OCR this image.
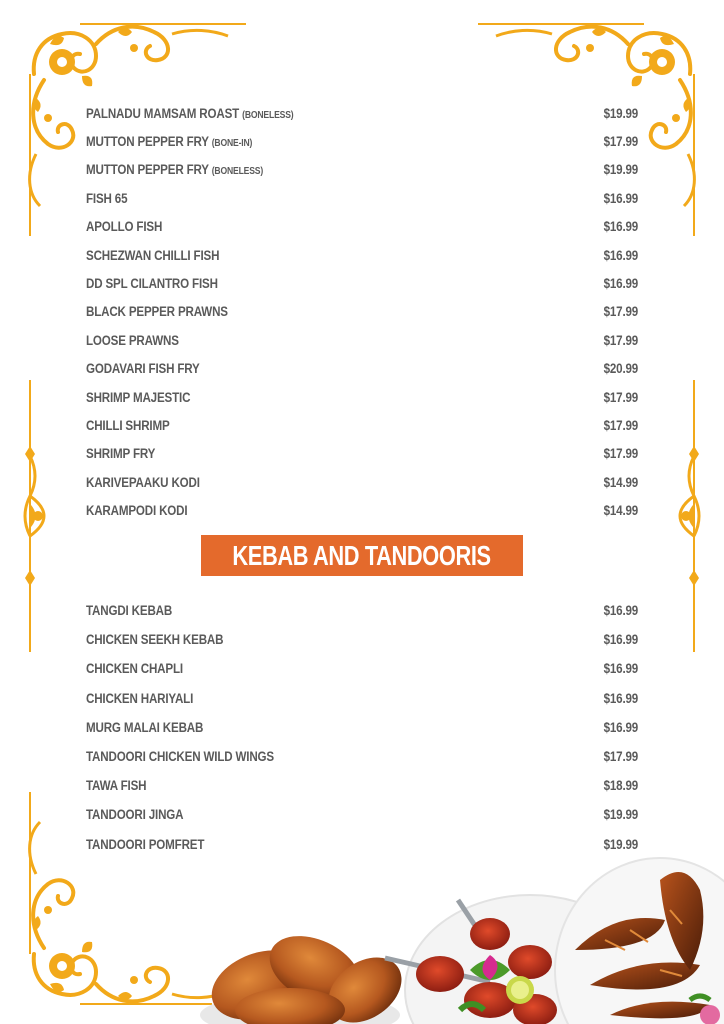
PALNADU MAMSAM ROAST (BONELESS)	$19.99
MUTTON PEPPER FRY (BONE-IN)	$17.99
MUTTON PEPPER FRY (BONELESS)	$19.99
FISH 65	$16.99
APOLLO FISH	$16.99
SCHEZWAN CHILLI FISH	$16.99
DD SPL CILANTRO FISH	$16.99
BLACK PEPPER PRAWNS	$17.99
LOOSE PRAWNS	$17.99
GODAVARI FISH FRY	$20.99
SHRIMP MAJESTIC	$17.99
CHILLI SHRIMP	$17.99
SHRIMP FRY	$17.99
KARIVEPAAKU KODI	$14.99
KARAMPODI KODI	$14.99
KEBAB AND TANDOORIS
TANGDI KEBAB	$16.99
CHICKEN SEEKH KEBAB	$16.99
CHICKEN CHAPLI	$16.99
CHICKEN HARIYALI	$16.99
MURG MALAI KEBAB	$16.99
TANDOORI CHICKEN WILD WINGS	$17.99
TAWA FISH	$18.99
TANDOORI JINGA	$19.99
TANDOORI POMFRET	$19.99
